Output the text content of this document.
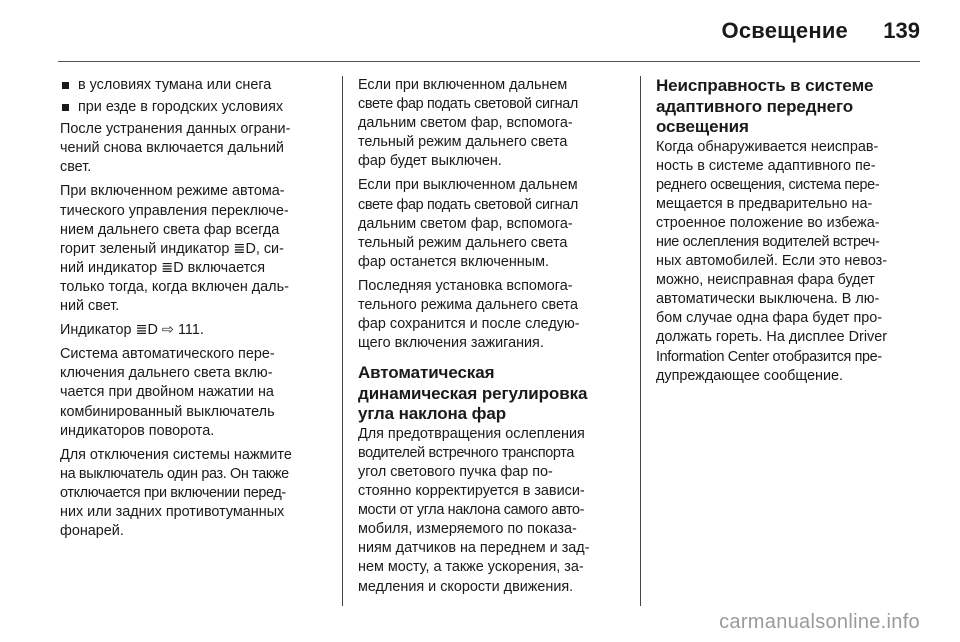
Освещение 139
в условиях тумана или снега
при езде в городских условиях

После устранения данных ограни-
чений снова включается дальний
свет.

При включенном режиме автома-
тического управления переключе-
нием дальнего света фар всегда
горит зеленый индикатор ≣D, си-
ний индикатор ≣D включается
только тогда, когда включен даль-
ний свет.

Индикатор ≣D ⇨ 111.

Система автоматического пере-
ключения дальнего света вклю-
чается при двойном нажатии на
комбинированный выключатель
индикаторов поворота.

Для отключения системы нажмите
на выключатель один раз. Он также
отключается при включении перед-
них или задних противотуманных
фонарей.

Если при включенном дальнем
свете фар подать световой сигнал
дальним светом фар, вспомога-
тельный режим дальнего света
фар будет выключен.

Если при выключенном дальнем
свете фар подать световой сигнал
дальним светом фар, вспомога-
тельный режим дальнего света
фар останется включенным.

Последняя установка вспомога-
тельного режима дальнего света
фар сохранится и после следую-
щего включения зажигания.

Автоматическая
динамическая регулировка
угла наклона фар

Для предотвращения ослепления
водителей встречного транспорта
угол светового пучка фар по-
стоянно корректируется в зависи-
мости от угла наклона самого авто-
мобиля, измеряемого по показа-
ниям датчиков на переднем и зад-
нем мосту, а также ускорения, за-
медления и скорости движения.

Неисправность в системе
адаптивного переднего
освещения

Когда обнаруживается неисправ-
ность в системе адаптивного пе-
реднего освещения, система пере-
мещается в предварительно на-
строенное положение во избежа-
ние ослепления водителей встреч-
ных автомобилей. Если это невоз-
можно, неисправная фара будет
автоматически выключена. В лю-
бом случае одна фара будет про-
должать гореть. На дисплее Driver
Information Center отобразится пре-
дупреждающее сообщение.

carmanualsonline.info
